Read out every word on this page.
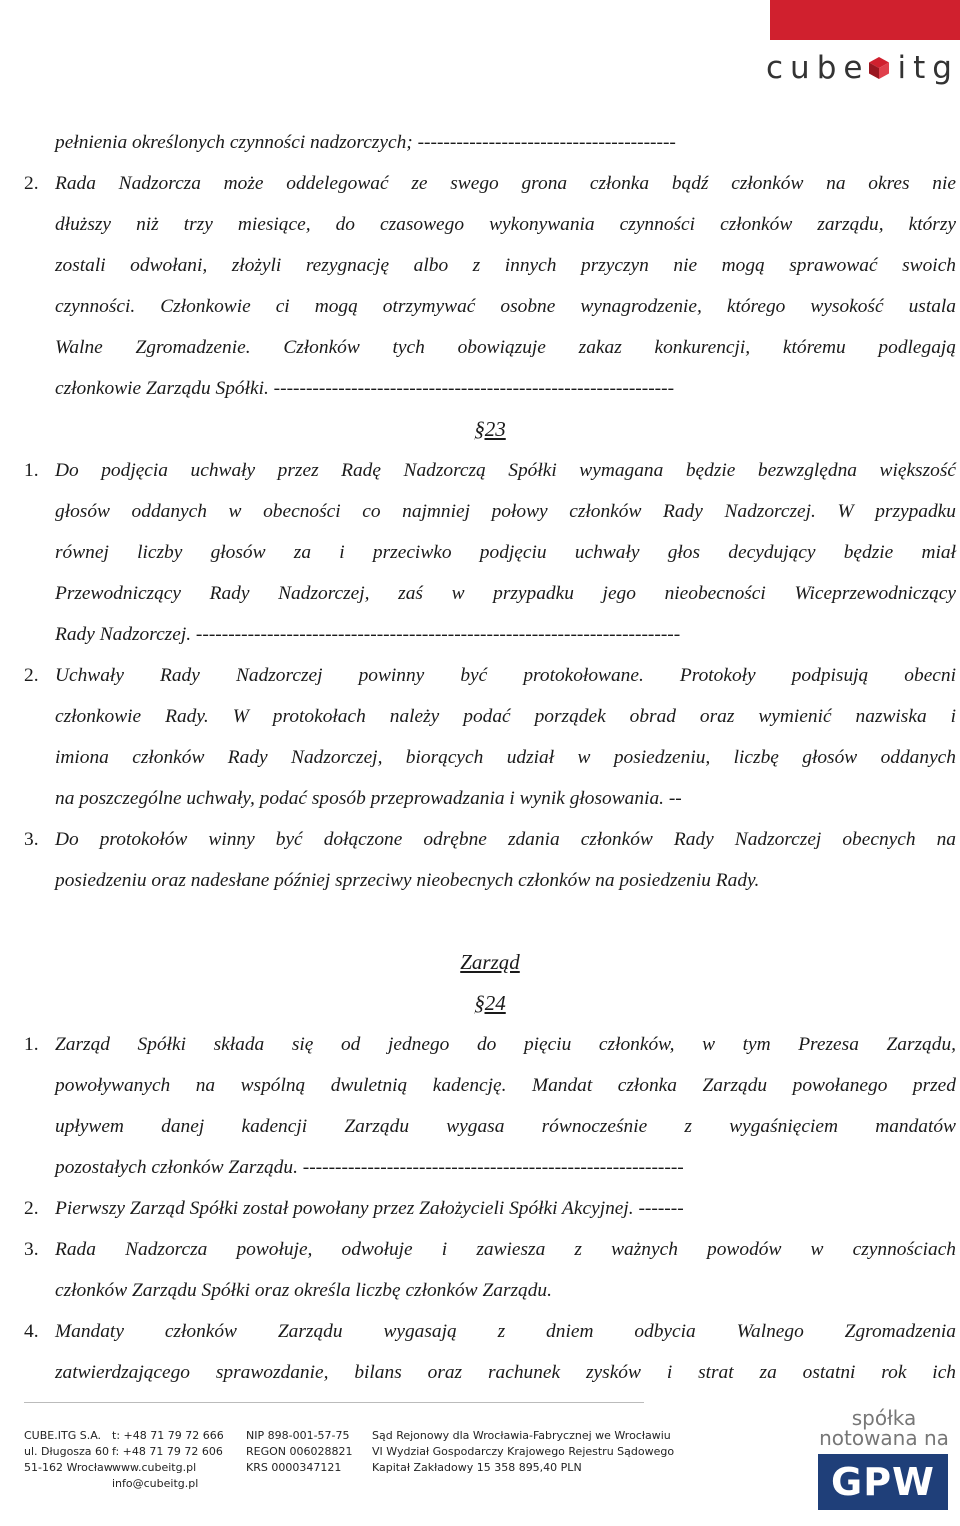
cube itg
pełnienia określonych czynności nadzorczych; ----------------------------------------
2. Rada Nadzorcza może oddelegować ze swego grona członka bądź członków na okres nie
dłuższy niż trzy miesiące, do czasowego wykonywania czynności członków zarządu, którzy
zostali odwołani, złożyli rezygnację albo z innych przyczyn nie mogą sprawować swoich
czynności. Członkowie ci mogą otrzymywać osobne wynagrodzenie, którego wysokość ustala
Walne Zgromadzenie. Członków tych obowiązuje zakaz konkurencji, któremu podlegają
członkowie Zarządu Spółki. --------------------------------------------------------------
§23
1. Do podjęcia uchwały przez Radę Nadzorczą Spółki wymagana będzie bezwzględna większość
głosów oddanych w obecności co najmniej połowy członków Rady Nadzorczej. W przypadku
równej liczby głosów za i przeciwko podjęciu uchwały głos decydujący będzie miał
Przewodniczący Rady Nadzorczej, zaś w przypadku jego nieobecności Wiceprzewodniczący
Rady Nadzorczej. ---------------------------------------------------------------------------
2. Uchwały Rady Nadzorczej powinny być protokołowane. Protokoły podpisują obecni
członkowie Rady. W protokołach należy podać porządek obrad oraz wymienić nazwiska i
imiona członków Rady Nadzorczej, biorących udział w posiedzeniu, liczbę głosów oddanych
na poszczególne uchwały, podać sposób przeprowadzania i wynik głosowania. --
3. Do protokołów winny być dołączone odrębne zdania członków Rady Nadzorczej obecnych na
posiedzeniu oraz nadesłane później sprzeciwy nieobecnych członków na posiedzeniu Rady.
Zarząd
§24
1. Zarząd Spółki składa się od jednego do pięciu członków, w tym Prezesa Zarządu,
powoływanych na wspólną dwuletnią kadencję. Mandat członka Zarządu powołanego przed
upływem danej kadencji Zarządu wygasa równocześnie z wygaśnięciem mandatów
pozostałych członków Zarządu. -----------------------------------------------------------
2. Pierwszy Zarząd Spółki został powołany przez Założycieli Spółki Akcyjnej. -------
3. Rada Nadzorcza powołuje, odwołuje i zawiesza z ważnych powodów w czynnościach
członków Zarządu Spółki oraz określa liczbę członków Zarządu.
4. Mandaty członków Zarządu wygasają z dniem odbycia Walnego Zgromadzenia
zatwierdzającego sprawozdanie, bilans oraz rachunek zysków i strat za ostatni rok ich
CUBE.ITG S.A.
ul. Długosza 60
51-162 Wrocław
t: +48 71 79 72 666
f: +48 71 79 72 606
www.cubeitg.pl
info@cubeitg.pl
NIP 898-001-57-75
REGON 006028821
KRS 0000347121
Sąd Rejonowy dla Wrocławia-Fabrycznej we Wrocławiu
VI Wydział Gospodarczy Krajowego Rejestru Sądowego
Kapitał Zakładowy 15 358 895,40 PLN
spółka
notowana na
GPW
